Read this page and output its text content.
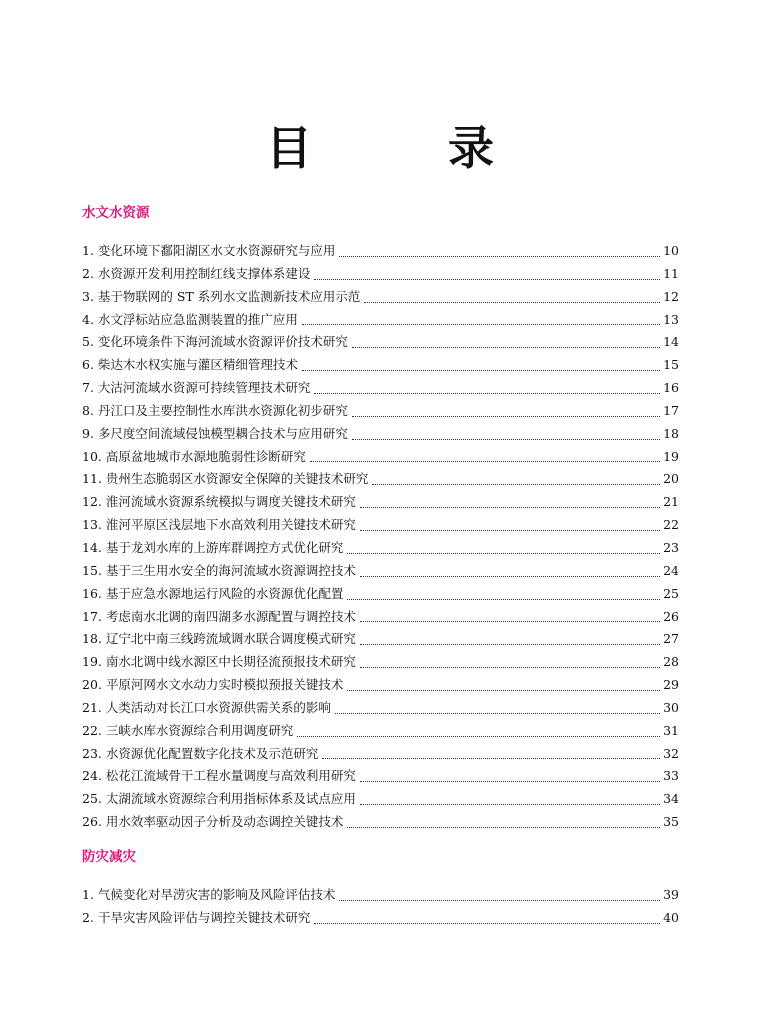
目 录
水文水资源
1. 变化环境下鄱阳湖区水文水资源研究与应用	10
2. 水资源开发利用控制红线支撑体系建设	11
3. 基于物联网的 ST 系列水文监测新技术应用示范	12
4. 水文浮标站应急监测装置的推广应用	13
5. 变化环境条件下海河流域水资源评价技术研究	14
6. 柴达木水权实施与灌区精细管理技术	15
7. 大沽河流域水资源可持续管理技术研究	16
8. 丹江口及主要控制性水库洪水资源化初步研究	17
9. 多尺度空间流域侵蚀模型耦合技术与应用研究	18
10. 高原盆地城市水源地脆弱性诊断研究	19
11. 贵州生态脆弱区水资源安全保障的关键技术研究	20
12. 淮河流域水资源系统模拟与调度关键技术研究	21
13. 淮河平原区浅层地下水高效利用关键技术研究	22
14. 基于龙刘水库的上游库群调控方式优化研究	23
15. 基于三生用水安全的海河流域水资源调控技术	24
16. 基于应急水源地运行风险的水资源优化配置	25
17. 考虑南水北调的南四湖多水源配置与调控技术	26
18. 辽宁北中南三线跨流域调水联合调度模式研究	27
19. 南水北调中线水源区中长期径流预报技术研究	28
20. 平原河网水文水动力实时模拟预报关键技术	29
21. 人类活动对长江口水资源供需关系的影响	30
22. 三峡水库水资源综合利用调度研究	31
23. 水资源优化配置数字化技术及示范研究	32
24. 松花江流域骨干工程水量调度与高效利用研究	33
25. 太湖流域水资源综合利用指标体系及试点应用	34
26. 用水效率驱动因子分析及动态调控关键技术	35
防灾减灾
1. 气候变化对旱涝灾害的影响及风险评估技术	39
2. 干旱灾害风险评估与调控关键技术研究	40
